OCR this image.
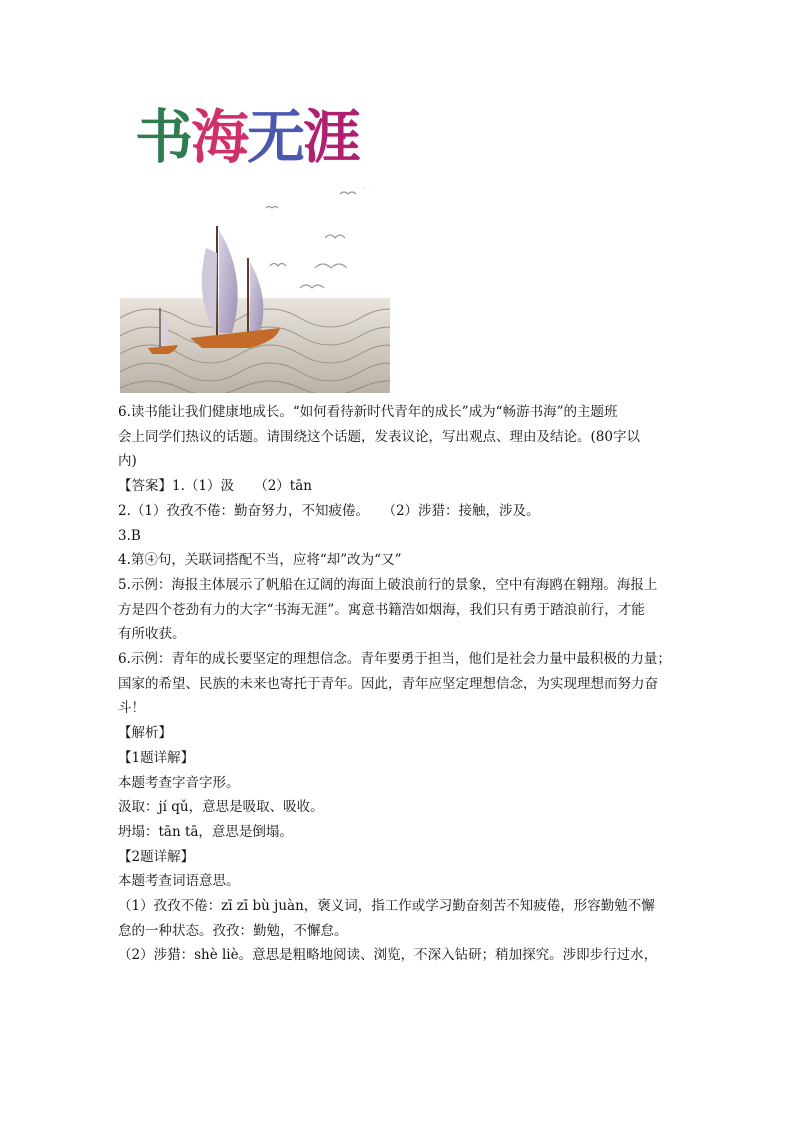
书海无涯

6.读书能让我们健康地成长。“如何看待新时代青年的成长”成为“畅游书海”的主题班

会上同学们热议的话题。请围绕这个话题，发表议论，写出观点、理由及结论。(80字以

内)

【答案】1.（1）汲　　（2）tān

2.（1）孜孜不倦：勤奋努力，不知疲倦。　　（2）涉猎：接触，涉及。

3.B

4.第④句，关联词搭配不当，应将“却”改为“又”

5.示例：海报主体展示了帆船在辽阔的海面上破浪前行的景象，空中有海鸥在翱翔。海报上

方是四个苍劲有力的大字“书海无涯”。寓意书籍浩如烟海，我们只有勇于踏浪前行，才能

有所收获。

6.示例：青年的成长要坚定的理想信念。青年要勇于担当，他们是社会力量中最积极的力量；

国家的希望、民族的未来也寄托于青年。因此，青年应坚定理想信念，为实现理想而努力奋

斗！

【解析】

【1题详解】

本题考查字音字形。

汲取：jí qǔ，意思是吸取、吸收。

坍塌：tān tā，意思是倒塌。

【2题详解】

本题考查词语意思。

（1）孜孜不倦：zī zī bù juàn，褒义词，指工作或学习勤奋刻苦不知疲倦，形容勤勉不懈

怠的一种状态。孜孜：勤勉，不懈怠。

（2）涉猎：shè liè。意思是粗略地阅读、浏览，不深入钻研；稍加探究。涉即步行过水，
